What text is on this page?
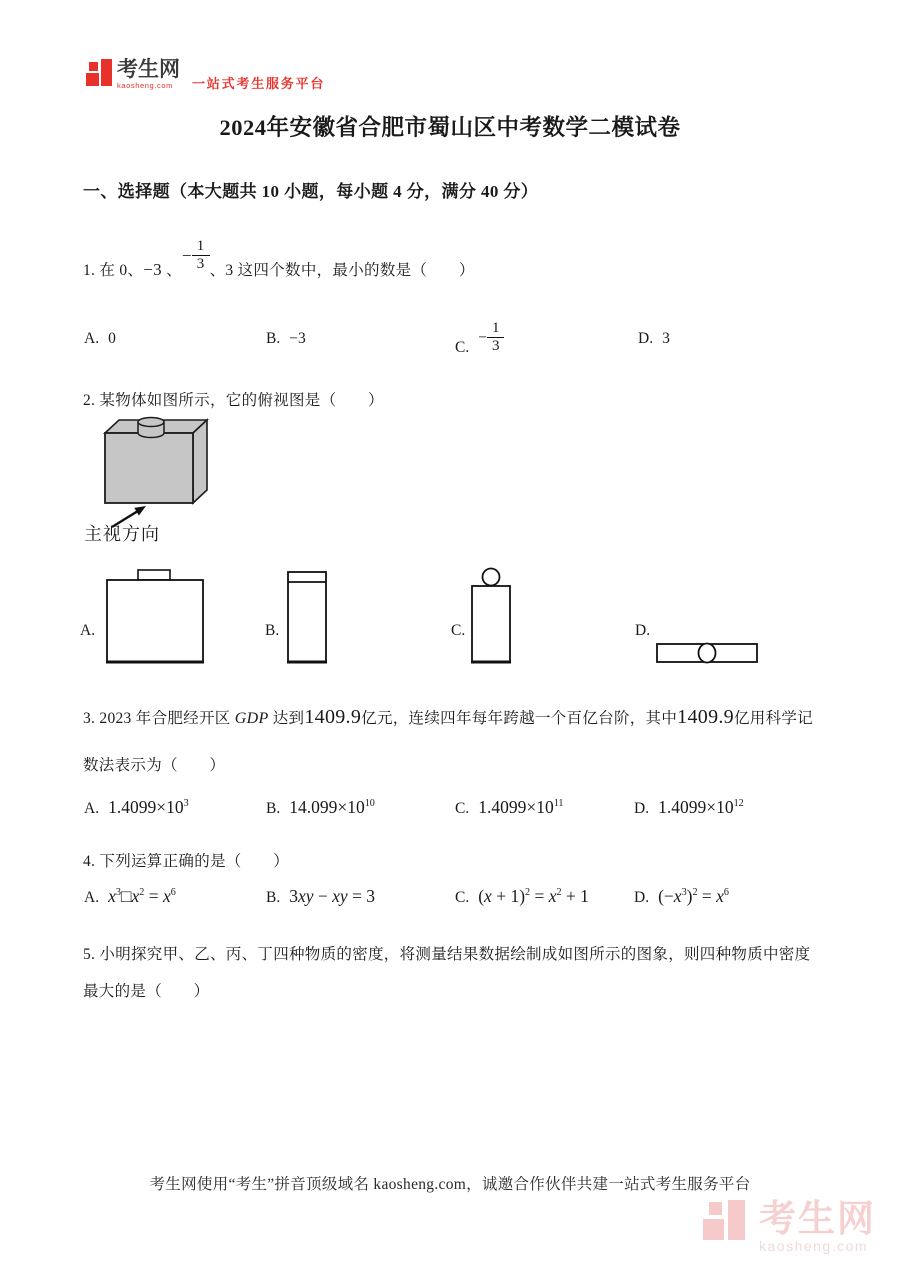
考生网
kaosheng.com	一站式考生服务平台
2024年安徽省合肥市蜀山区中考数学二模试卷
一、选择题（本大题共 10 小题，每小题 4 分，满分 40 分）
1. 在 0、−3 、
− $\frac{1}{3}$ 、3 这四个数中，最小的数是（　　）
A. 0	B. −3
C.
− $\frac{1}{3}$	D. 3
2. 某物体如图所示，它的俯视图是（　　）
主视方向
A.	B.	C.	D.
3. 2023 年合肥经开区 GDP 达到1409.9亿元，连续四年每年跨越一个百亿台阶，其中1409.9亿用科学记
数法表示为（　　）
A. $1.4099\times 10^3$	B. $14.099\times 10^{10}$	C. $1.4099\times 10^{11}$	D. $1.4099\times 10^{12}$
4. 下列运算正确的是（　　）
A. $x^3□x^2 = x^6$	B. 3xy − xy = 3	C. $(x + 1)^2 = x^2 + 1$	D. $(-x^3)^2 = x^6$
5. 小明探究甲、乙、丙、丁四种物质的密度，将测量结果数据绘制成如图所示的图象，则四种物质中密度
最大的是（　　）
考生网使用“考生”拼音顶级域名 kaosheng.com，诚邀合作伙伴共建一站式考生服务平台
考生网
kaosheng.com
